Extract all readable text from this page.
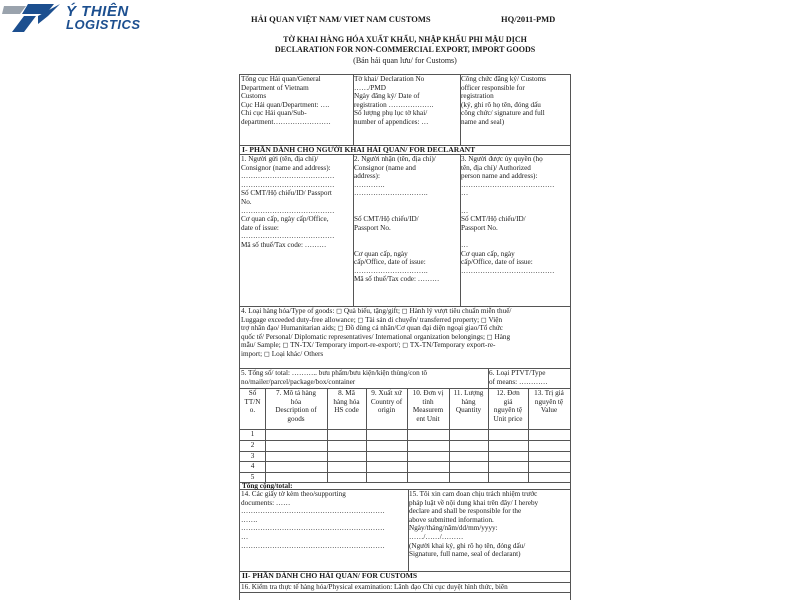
Ý THIÊN
LOGISTICS	HẢI QUAN VIỆT NAM/ VIET NAM CUSTOMS	HQ/2011-PMD
TỜ KHAI HÀNG HÓA XUẤT KHẨU, NHẬP KHẨU PHI MẬU DỊCH
DECLARATION FOR NON-COMMERCIAL EXPORT, IMPORT GOODS
(Bản hải quan lưu/ for Customs)

Tổng cục Hải quan/General

Department of Vietnam

Customs

Cục Hải quan/Department: ….

Chi cục Hải quan/Sub-

department……………………

Tờ khai/ Declaration No

……/PMD

Ngày đăng ký/ Date of

registration ……………….

Số lượng phụ lục tờ khai/

number of appendices: …

Công chức đăng ký/ Customs

officer responsible for

registration

(ký, ghi rõ họ tên, đóng dấu

công chức/ signature and full

name and seal)

I- PHẦN DÀNH CHO NGƯỜI KHAI HẢI QUAN/ FOR DECLARANT

1. Người gửi (tên, địa chỉ)/

Consignor (name and address):

…………………………………

…………………………………

Số CMT/Hộ chiếu/ID/ Passport

No.

…………………………………

Cơ quan cấp, ngày cấp/Office,

date of issue:

…………………………………

Mã số thuế/Tax code: ………

2. Người nhận (tên, địa chỉ)/

Consignor (name and

address):

………….

………………………….

Số CMT/Hộ chiếu/ID/

Passport No.

Cơ quan cấp, ngày

cấp/Office, date of issue:

………………………….

Mã số thuế/Tax code: ………

3. Người được ủy quyền (họ

tên, địa chỉ)/ Authorized

person name and address):

…………………………………

…

…

Số CMT/Hộ chiếu/ID/

Passport No.

…

Cơ quan cấp, ngày

cấp/Office, date of issue:

…………………………………

4. Loại hàng hóa/Type of goods: ◻ Quà biếu, tặng/gift; ◻ Hành lý vượt tiêu chuẩn miễn thuế/

Luggage exceeded duty-free allowance; ◻ Tài sản di chuyển/ transferred property; ◻ Viện

trợ nhân đạo/ Humanitarian aids; ◻ Đồ dùng cá nhân/Cơ quan đại diện ngoại giao/Tổ chức

quốc tế/ Personal/ Diplomatic representatives/ International organization belongings; ◻ Hàng

mẫu/ Sample; ◻ TN-TX/ Temporary import-re-export/; ◻ TX-TN/Temporary export-re-

import; ◻ Loại khác/ Others

5. Tổng số/ total: ……….. bưu phẩm/bưu kiện/kiện thùng/con tô

no/mailer/parcel/package/box/container

6. Loại PTVT/Type

of means: …………

Số

TT/N

o.

7. Mô tả hàng

hóa

Description of

goods

8. Mã

hàng hóa

HS code

9. Xuất xứ

Country of

origin

10. Đơn vị

tính

Measurem

ent Unit

11. Lượng

hàng

Quantity

12. Đơn

giá

nguyên tệ

Unit price

13. Trị giá

nguyên tệ

Value

1
2
3
4
5
Tổng cộng/total:

14. Các giấy tờ kèm theo/supporting

documents: ……

……………………………………………………

…….

……………………………………………………

…

……………………………………………………

15. Tôi xin cam đoan chịu trách nhiệm trước

pháp luật về nội dung khai trên đây/ I hereby

declare and shall be responsible for the

above submitted information.

Ngày/tháng/năm/dd/mm/yyyy:

……/……/………

(Người khai ký, ghi rõ họ tên, đóng dấu/

Signature, full name, seal of declarant)

II- PHẦN DÀNH CHO HẢI QUAN/ FOR CUSTOMS
16. Kiểm tra thực tế hàng hóa/Physical examination: Lãnh đạo Chi cục duyệt hình thức, biên
